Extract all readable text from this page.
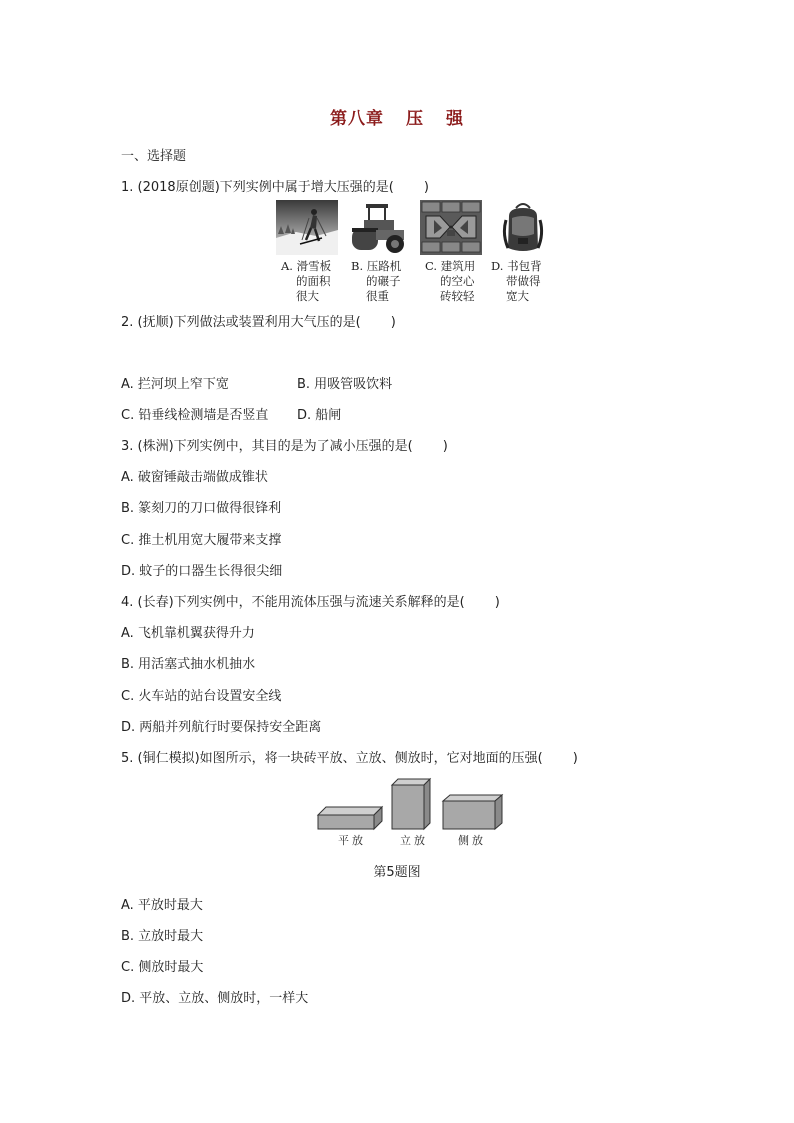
第八章 压 强
一、选择题
1. (2018原创题)下列实例中属于增大压强的是( )
A. 滑雪板
的面积
很大
B. 压路机
的碾子
很重
C. 建筑用
的空心
砖较轻
D. 书包背
带做得
宽大
2. (抚顺)下列做法或装置利用大气压的是( )
A. 拦河坝上窄下宽	B. 用吸管吸饮料
C. 铅垂线检测墙是否竖直 D. 船闸
3. (株洲)下列实例中，其目的是为了减小压强的是( )
A. 破窗锤敲击端做成锥状
B. 篆刻刀的刀口做得很锋利
C. 推土机用宽大履带来支撑
D. 蚊子的口器生长得很尖细
4. (长春)下列实例中，不能用流体压强与流速关系解释的是( )
A. 飞机靠机翼获得升力
B. 用活塞式抽水机抽水
C. 火车站的站台设置安全线
D. 两船并列航行时要保持安全距离
5. (铜仁模拟)如图所示，将一块砖平放、立放、侧放时，它对地面的压强( )
平放	立放	侧放
第5题图
A. 平放时最大
B. 立放时最大
C. 侧放时最大
D. 平放、立放、侧放时，一样大
